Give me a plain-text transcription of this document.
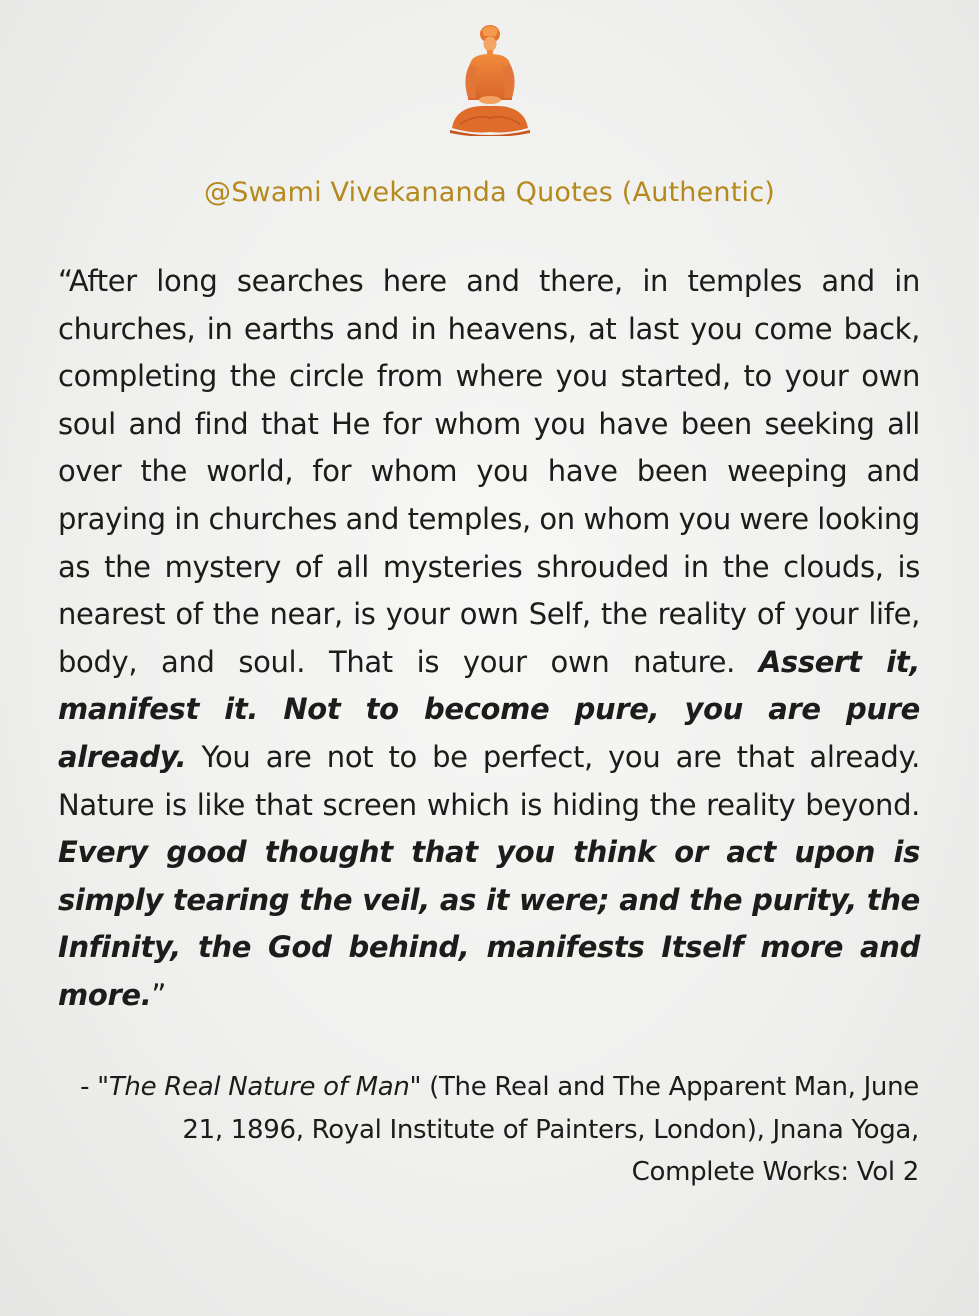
@Swami Vivekananda Quotes (Authentic)
“After long searches here and there, in temples and in churches, in earths and in heavens, at last you come back, completing the circle from where you started, to your own soul and find that He for whom you have been seeking all over the world, for whom you have been weeping and praying in churches and temples, on whom you were looking as the mystery of all mysteries shrouded in the clouds, is nearest of the near, is your own Self, the reality of your life, body, and soul. That is your own nature. Assert it, manifest it. Not to become pure, you are pure already. You are not to be perfect, you are that already. Nature is like that screen which is hiding the reality beyond. Every good thought that you think or act upon is simply tearing the veil, as it were; and the purity, the Infinity, the God behind, manifests Itself more and more.”
- "The Real Nature of Man" (The Real and The Apparent Man, June 21, 1896, Royal Institute of Painters, London), Jnana Yoga, Complete Works: Vol 2
